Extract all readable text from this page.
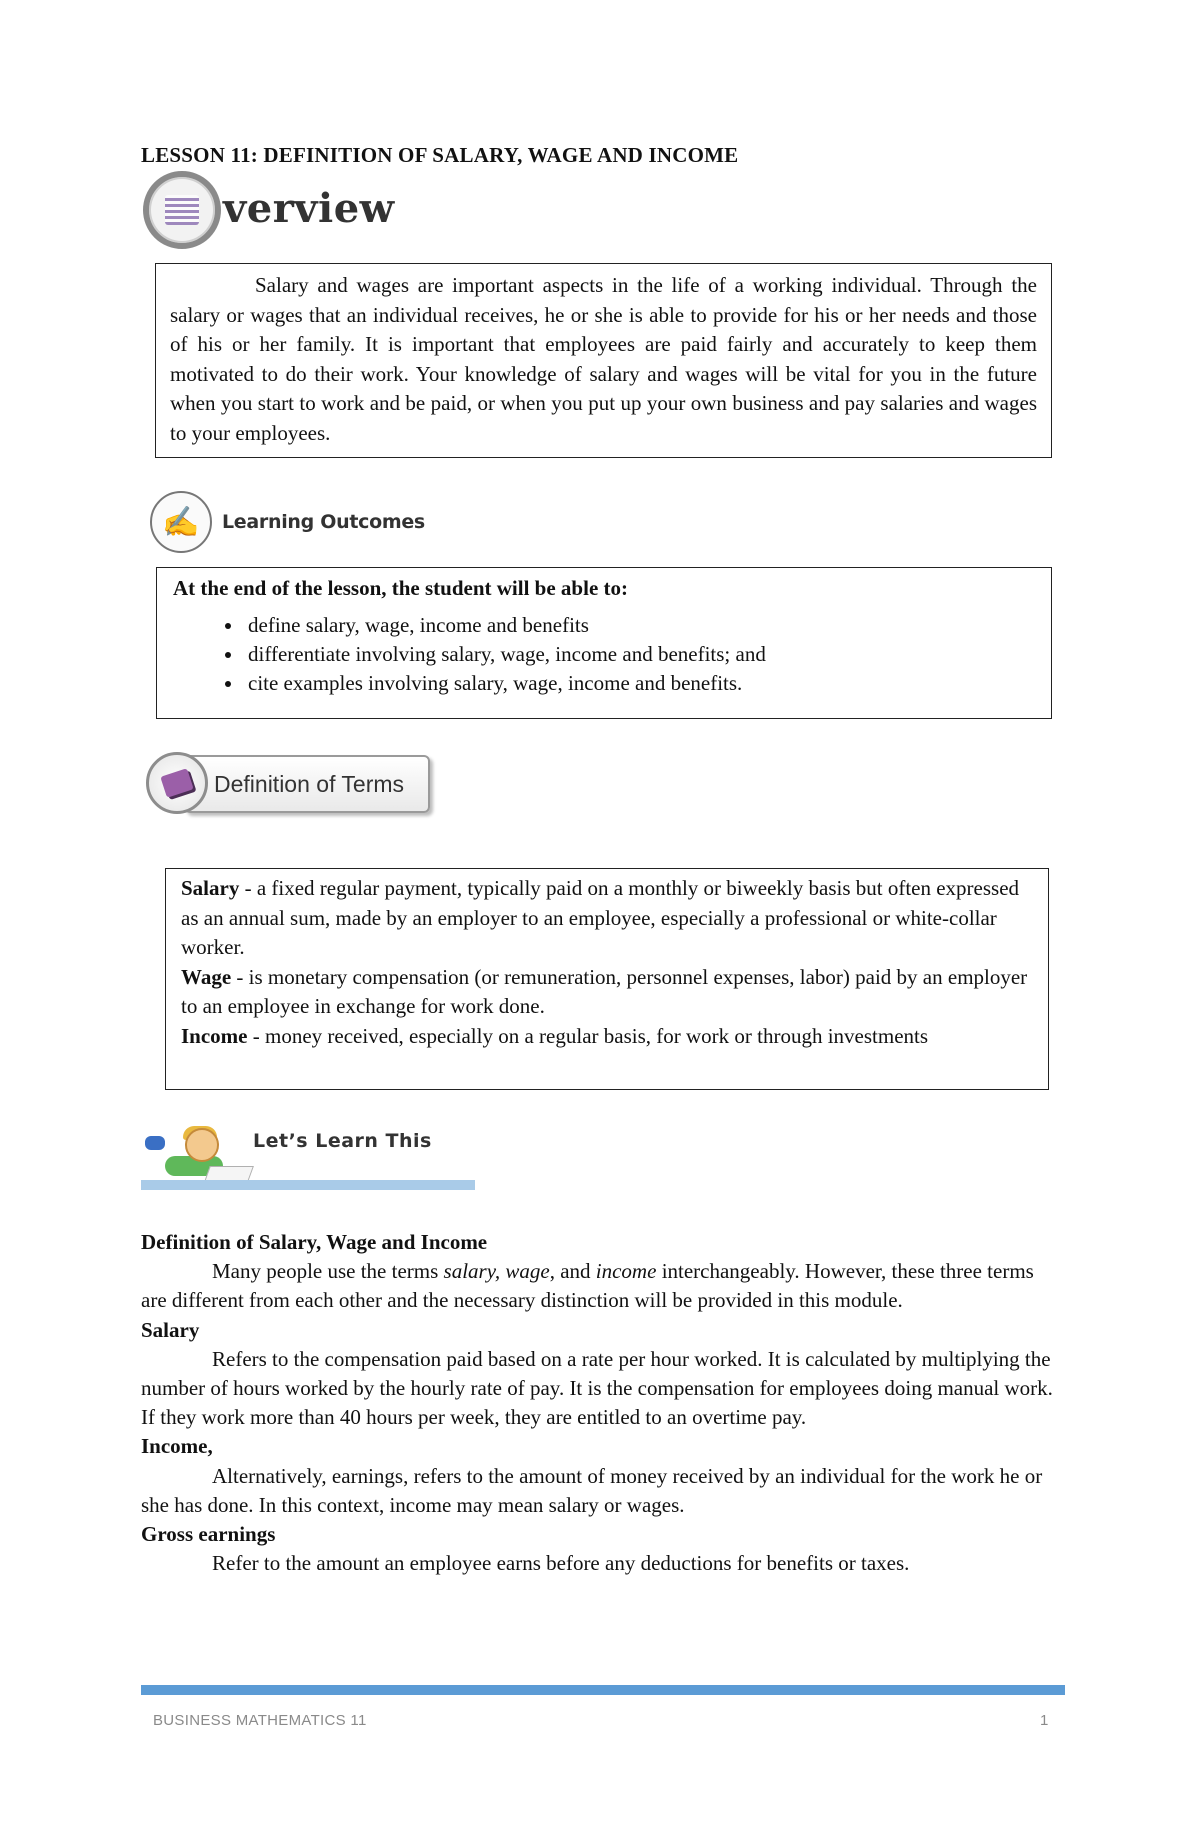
LESSON 11: DEFINITION OF SALARY, WAGE AND INCOME
verview

Salary and wages are important aspects in the life of a working individual. Through the salary or wages that an individual receives, he or she is able to provide for his or her needs and those of his or her family. It is important that employees are paid fairly and accurately to keep them motivated to do their work. Your knowledge of salary and wages will be vital for you in the future when you start to work and be paid, or when you put up your own business and pay salaries and wages to your employees.

✍	Learning Outcomes

At the end of the lesson, the student will be able to:

• define salary, wage, income and benefits
• differentiate involving salary, wage, income and benefits; and
• cite examples involving salary, wage, income and benefits.
Definition of Terms

Salary - a fixed regular payment, typically paid on a monthly or biweekly basis but often expressed as an annual sum, made by an employer to an employee, especially a professional or white-collar worker.

Wage - is monetary compensation (or remuneration, personnel expenses, labor) paid by an employer to an employee in exchange for work done.

Income - money received, especially on a regular basis, for work or through investments

Let’s Learn This

Definition of Salary, Wage and Income

Many people use the terms salary, wage, and income interchangeably. However, these three terms are different from each other and the necessary distinction will be provided in this module.

Salary

Refers to the compensation paid based on a rate per hour worked. It is calculated by multiplying the number of hours worked by the hourly rate of pay. It is the compensation for employees doing manual work. If they work more than 40 hours per week, they are entitled to an overtime pay.

Income,

Alternatively, earnings, refers to the amount of money received by an individual for the work he or she has done. In this context, income may mean salary or wages.

Gross earnings

Refer to the amount an employee earns before any deductions for benefits or taxes.

BUSINESS MATHEMATICS 11	1
